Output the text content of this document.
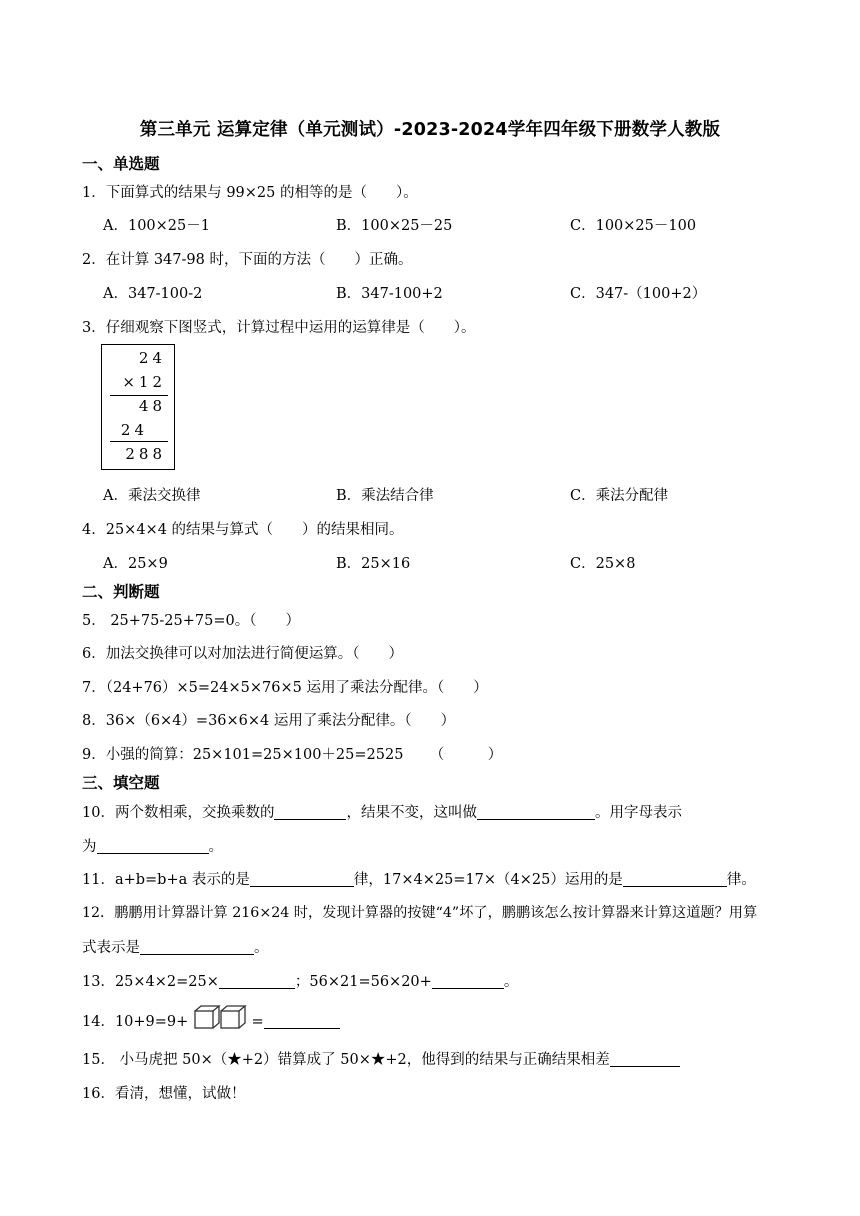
第三单元 运算定律（单元测试）-2023-2024学年四年级下册数学人教版
一、单选题
1．下面算式的结果与 99×25 的相等的是（　　）。
A．100×25－1	B．100×25－25	C．100×25－100
2．在计算 347-98 时，下面的方法（　　）正确。
A．347-100-2	B．347-100+2	C．347-（100+2）
3．仔细观察下图竖式，计算过程中运用的运算律是（　　）。
24
×12
48
24
288
A．乘法交换律	B．乘法结合律	C．乘法分配律
4．25×4×4 的结果与算式（　　）的结果相同。
A．25×9	B．25×16	C．25×8
二、判断题
5． 25+75-25+75=0。（　　）
6．加法交换律可以对加法进行简便运算。（　　）
7．（24+76）×5=24×5×76×5 运用了乘法分配律。（　　）
8．36×（6×4）=36×6×4 运用了乘法分配律。（　　）
9．小强的简算：25×101=25×100＋25=2525 　　（　　　）
三、填空题
10．两个数相乘，交换乘数的	，结果不变，这叫做	。用字母表示
为	。
11．a+b=b+a 表示的是	律，17×4×25=17×（4×25）运用的是	律。
12．鹏鹏用计算器计算 216×24 时，发现计算器的按键“4”坏了，鹏鹏该怎么按计算器来计算这道题？用算
式表示是	。
13．25×4×2=25×	；56×21=56×20+	。
14．10+9=9+	=
15． 小马虎把 50×（★+2）错算成了 50×★+2，他得到的结果与正确结果相差
16．看清，想懂，试做！
